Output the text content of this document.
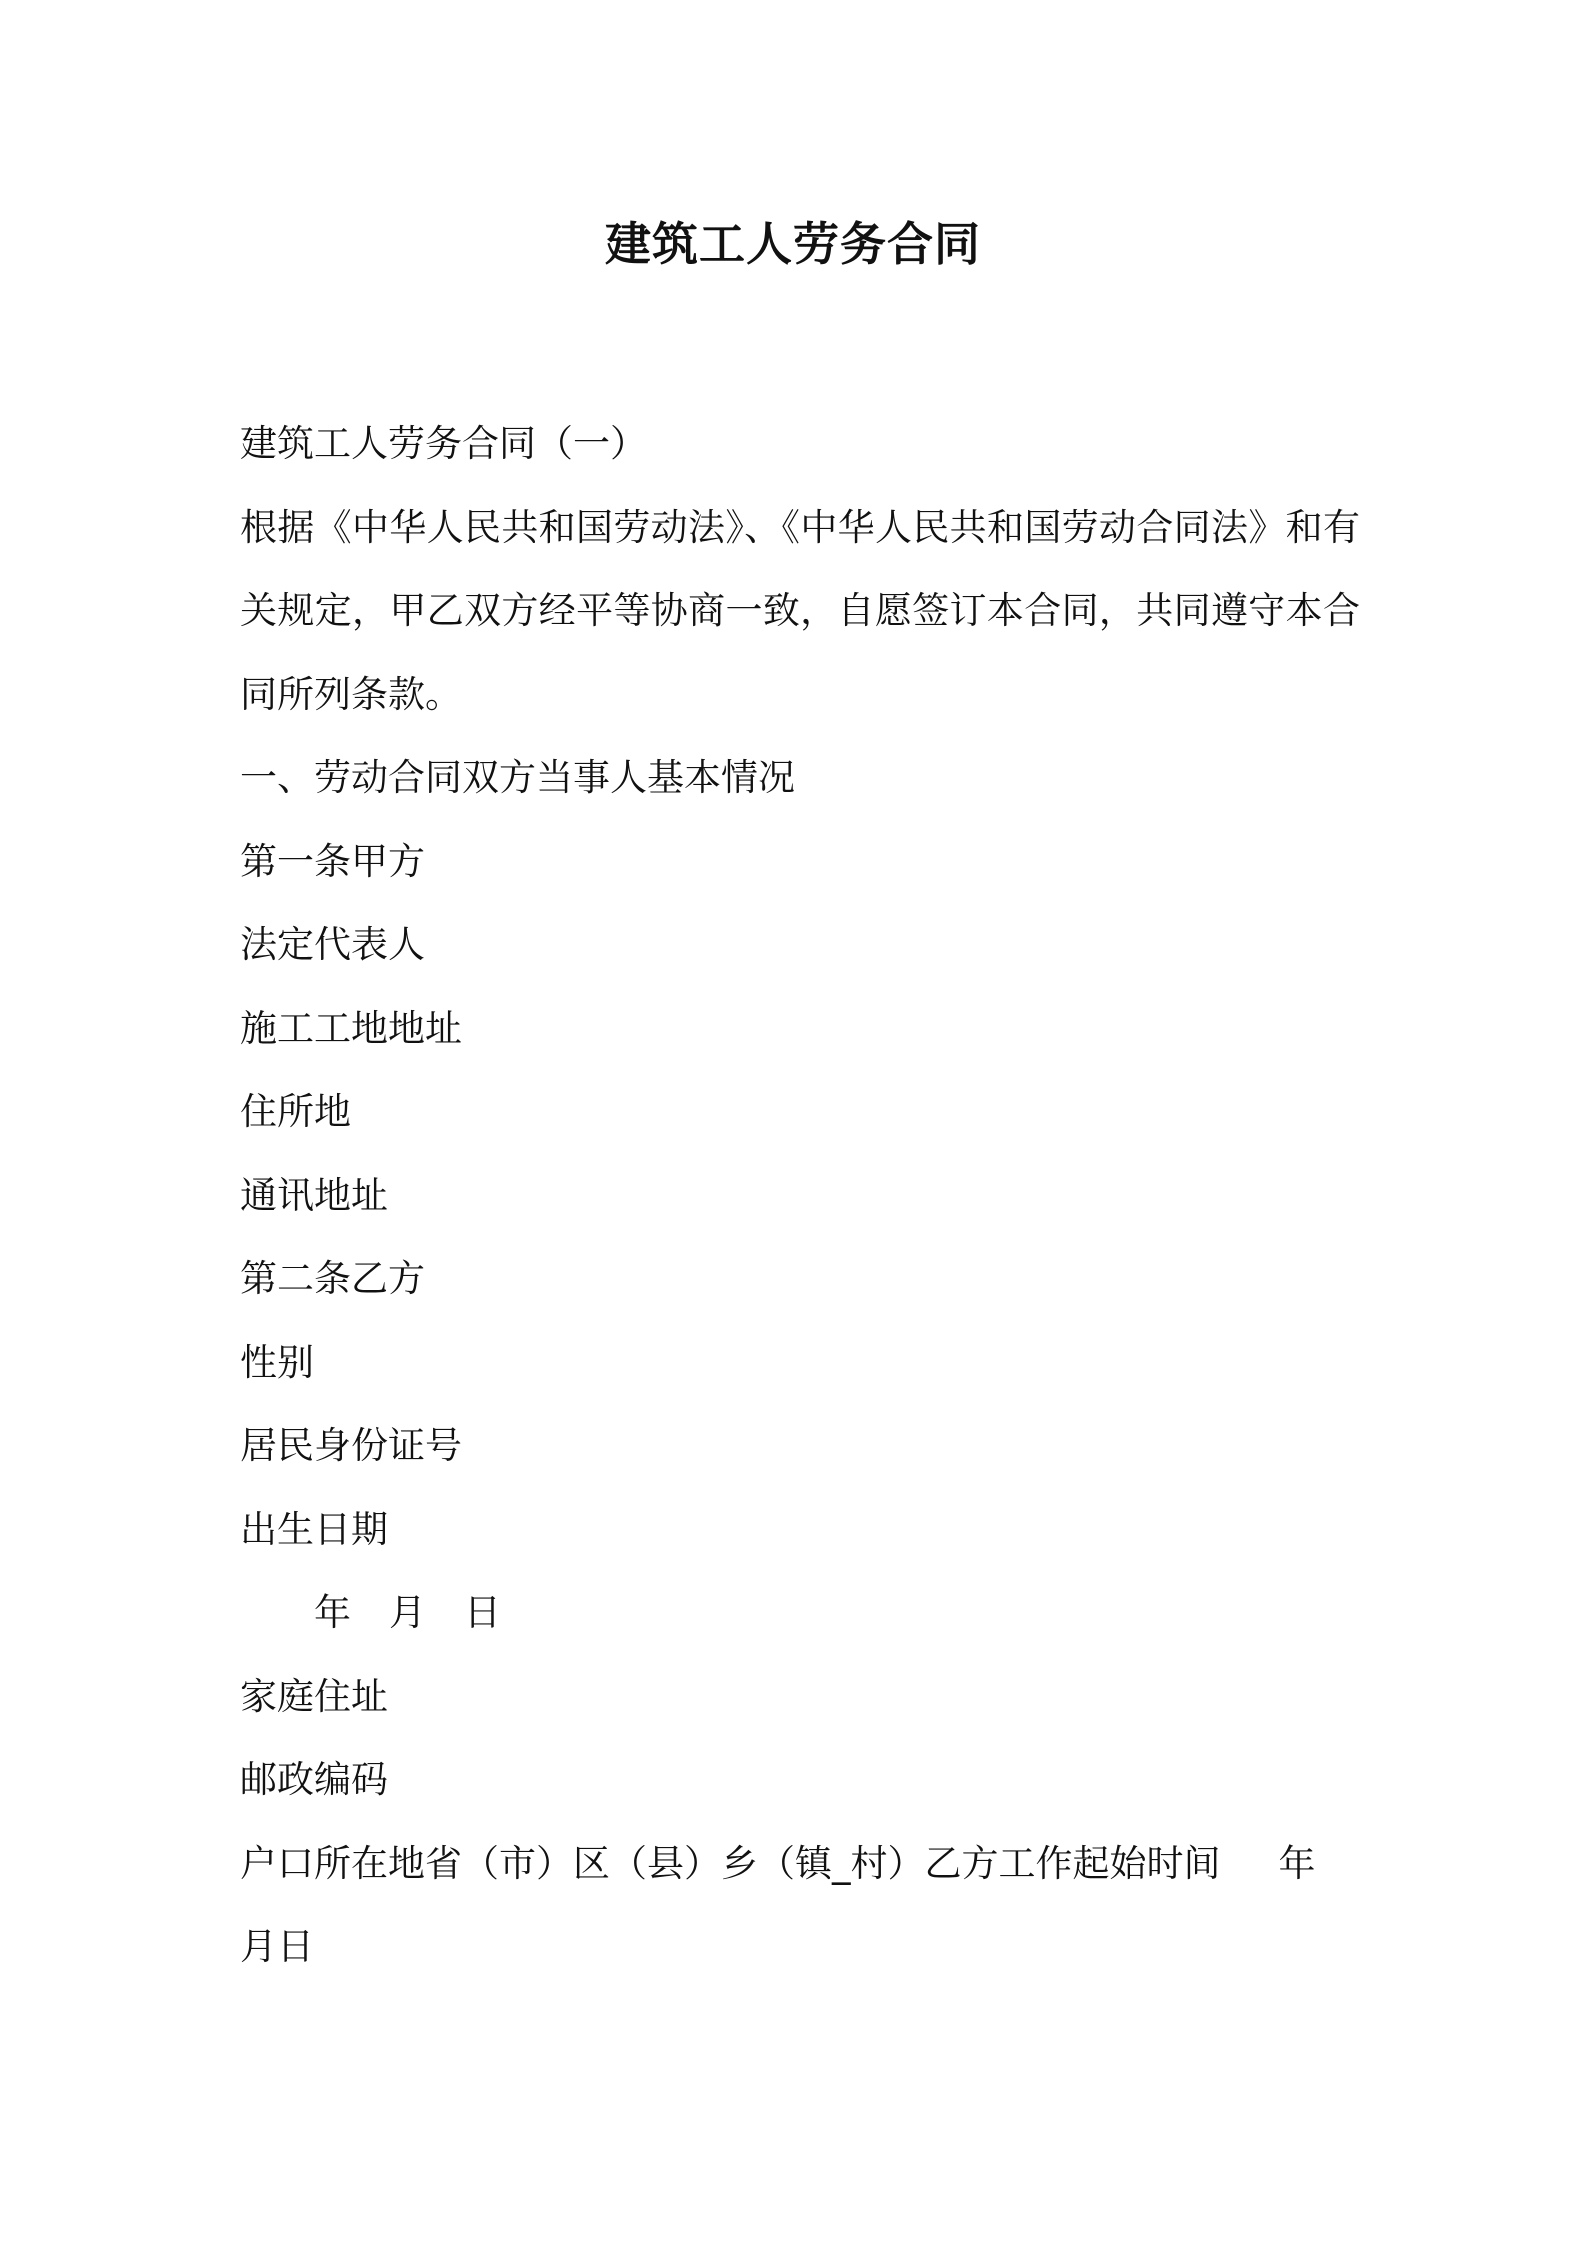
建筑工人劳务合同
建筑工人劳务合同（一）
根据《中华人民共和国劳动法》、《中华人民共和国劳动合同法》和有关规定，甲乙双方经平等协商一致，自愿签订本合同，共同遵守本合同所列条款。
一、劳动合同双方当事人基本情况
第一条甲方
法定代表人
施工工地地址
住所地
通讯地址
第二条乙方
性别
居民身份证号
出生日期
年 月 日
家庭住址
邮政编码
户口所在地省（市）区（县）乡（镇_村）乙方工作起始时间 年月日
